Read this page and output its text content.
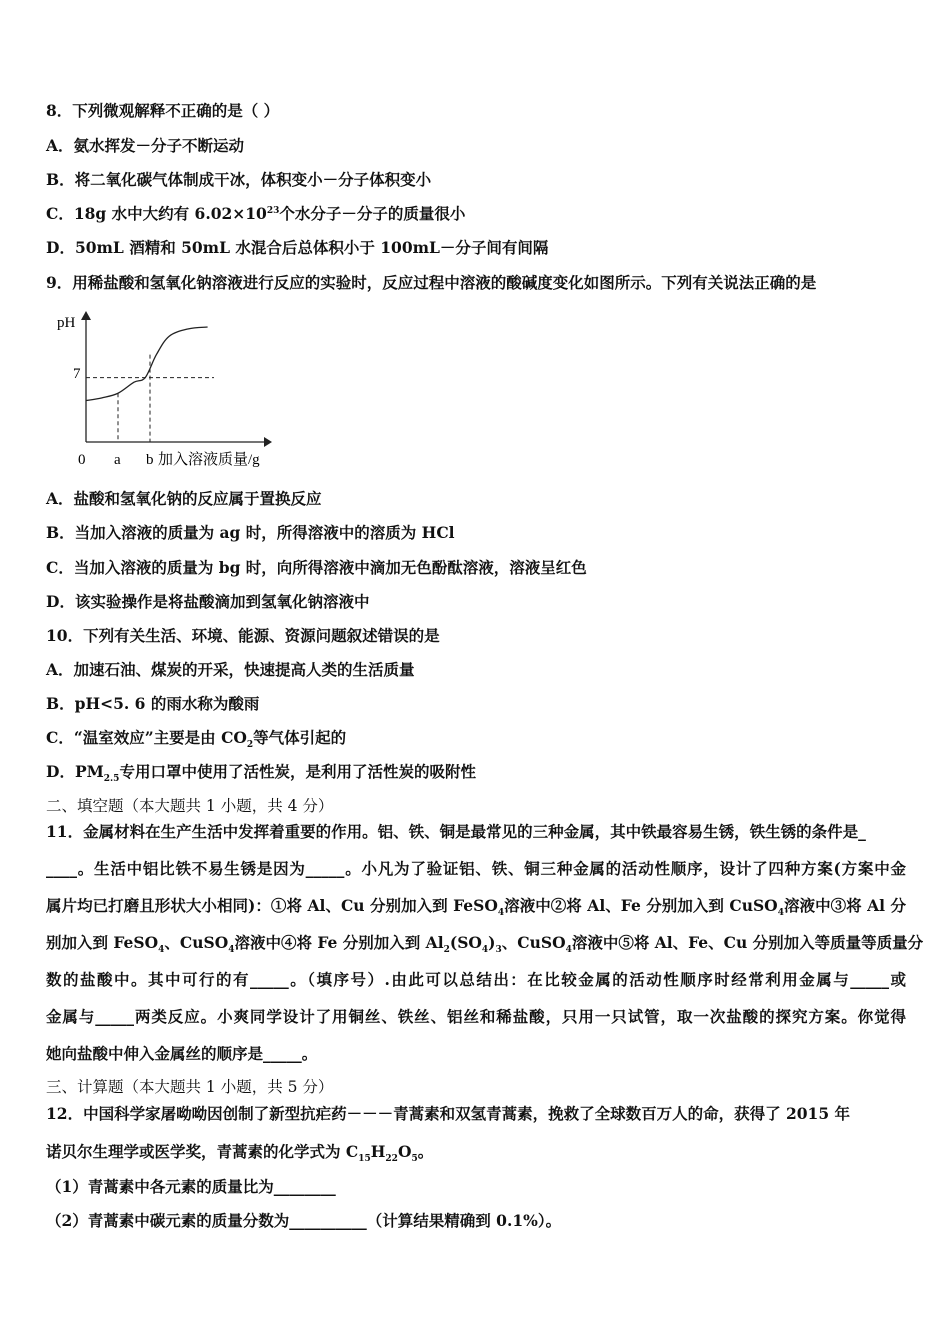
8．下列微观解释不正确的是（ ）
A．氨水挥发－分子不断运动
B．将二氧化碳气体制成干冰，体积变小－分子体积变小
C．18g 水中大约有 $6.02\times 10^{23}$个水分子－分子的质量很小
D．50mL 酒精和 50mL 水混合后总体积小于 100mL－分子间有间隔
9．用稀盐酸和氢氧化钠溶液进行反应的实验时，反应过程中溶液的酸碱度变化如图所示。下列有关说法正确的是
pH
7
0 a b 加入溶液质量/g
A．盐酸和氢氧化钠的反应属于置换反应
B．当加入溶液的质量为 ag 时，所得溶液中的溶质为 HCl
C．当加入溶液的质量为 bg 时，向所得溶液中滴加无色酚酞溶液，溶液呈红色
D．该实验操作是将盐酸滴加到氢氧化钠溶液中
10．下列有关生活、环境、能源、资源问题叙述错误的是
A．加速石油、煤炭的开采，快速提高人类的生活质量
B．pH<5. 6 的雨水称为酸雨
C．“温室效应”主要是由 $CO_2$等气体引起的
D．$PM_{2.5}$专用口罩中使用了活性炭，是利用了活性炭的吸附性
二、填空题（本大题共 1 小题，共 4 分）
11．金属材料在生产生活中发挥着重要的作用。铝、铁、铜是最常见的三种金属，其中铁最容易生锈，铁生锈的条件是_
____。生活中铝比铁不易生锈是因为_____。小凡为了验证铝、铁、铜三种金属的活动性顺序，设计了四种方案(方案中金
属片均已打磨且形状大小相同)：①将 Al、Cu 分别加入到 FeSO$_4$溶液中②将 Al、Fe 分别加入到 CuSO$_4$溶液中③将 Al 分
别加入到 FeSO$_4$、CuSO$_4$溶液中④将 Fe 分别加入到 $Al_2(SO_4)_3$、CuSO$_4$溶液中⑤将 Al、Fe、Cu 分别加入等质量等质量分
数的盐酸中。其中可行的有_____。（填序号）.由此可以总结出：在比较金属的活动性顺序时经常利用金属与_____或
金属与_____两类反应。小爽同学设计了用铜丝、铁丝、铝丝和稀盐酸，只用一只试管，取一次盐酸的探究方案。你觉得
她向盐酸中伸入金属丝的顺序是_____。
三、计算题（本大题共 1 小题，共 5 分）
12．中国科学家屠呦呦因创制了新型抗疟药－－－青蒿素和双氢青蒿素，挽救了全球数百万人的命，获得了 2015 年
诺贝尔生理学或医学奖，青蒿素的化学式为 $C_{15}H_{22}O_5$。
（1）青蒿素中各元素的质量比为________
（2）青蒿素中碳元素的质量分数为__________（计算结果精确到 0.1%）。
